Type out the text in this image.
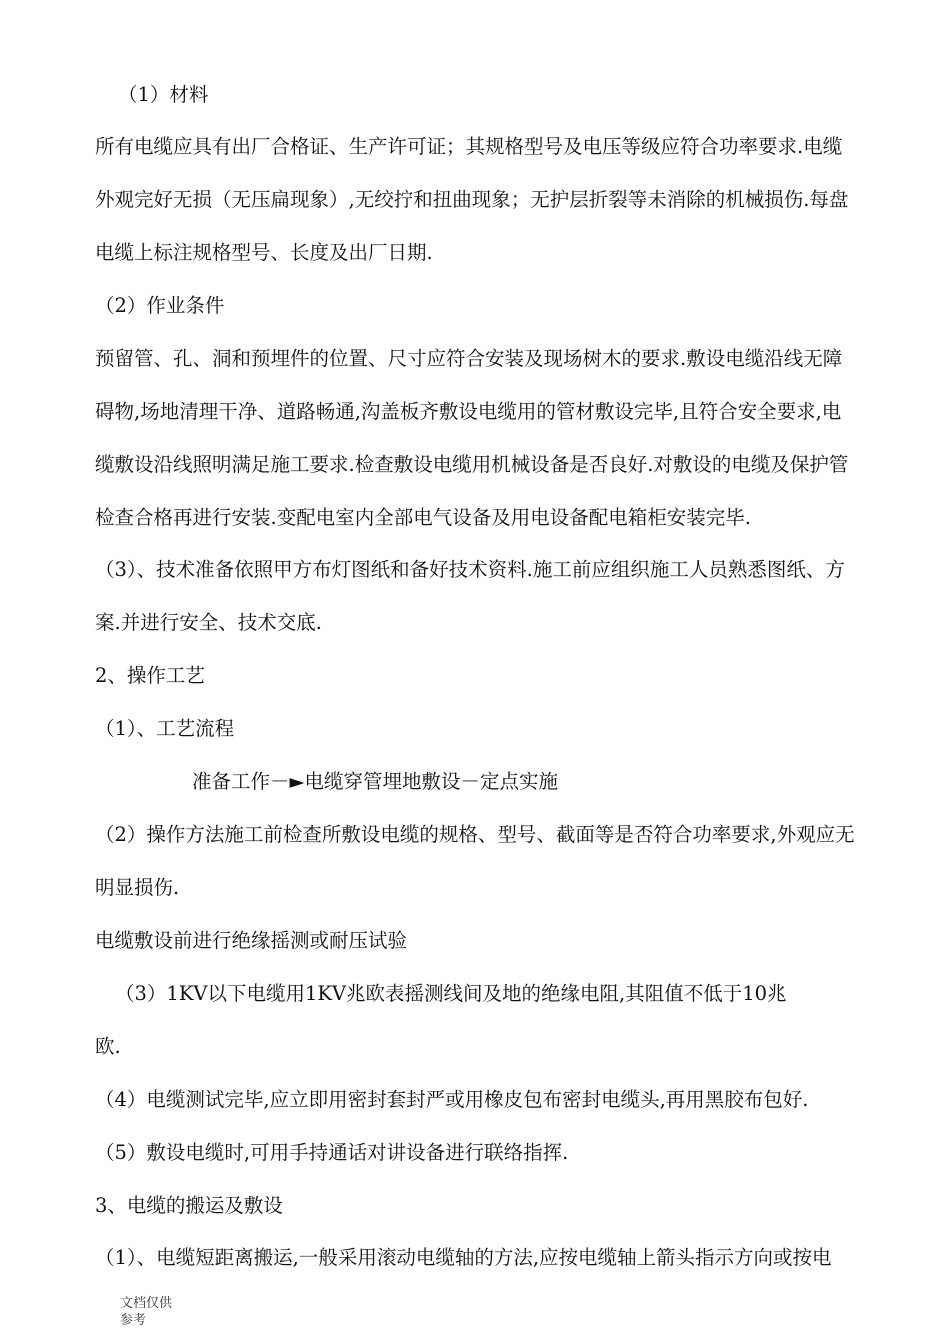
（1）材料
所有电缆应具有出厂合格证、生产许可证；其规格型号及电压等级应符合功率要求.电缆
外观完好无损（无压扁现象）,无绞拧和扭曲现象；无护层折裂等未消除的机械损伤.每盘
电缆上标注规格型号、长度及出厂日期.
（2）作业条件
预留管、孔、洞和预埋件的位置、尺寸应符合安装及现场树木的要求.敷设电缆沿线无障
碍物,场地清理干净、道路畅通,沟盖板齐敷设电缆用的管材敷设完毕,且符合安全要求,电
缆敷设沿线照明满足施工要求.检查敷设电缆用机械设备是否良好.对敷设的电缆及保护管
检查合格再进行安装.变配电室内全部电气设备及用电设备配电箱柜安装完毕.
（3）、技术准备依照甲方布灯图纸和备好技术资料.施工前应组织施工人员熟悉图纸、方
案.并进行安全、技术交底.
2、操作工艺
（1）、工艺流程
准备工作－►电缆穿管埋地敷设－定点实施
（2）操作方法施工前检查所敷设电缆的规格、型号、截面等是否符合功率要求,外观应无
明显损伤.
电缆敷设前进行绝缘摇测或耐压试验
（3）1KV以下电缆用1KV兆欧表摇测线间及地的绝缘电阻,其阻值不低于10兆
欧.
（4）电缆测试完毕,应立即用密封套封严或用橡皮包布密封电缆头,再用黑胶布包好.
（5）敷设电缆时,可用手持通话对讲设备进行联络指挥.
3、电缆的搬运及敷设
（1）、电缆短距离搬运,一般采用滚动电缆轴的方法,应按电缆轴上箭头指示方向或按电
文档仅供参考
